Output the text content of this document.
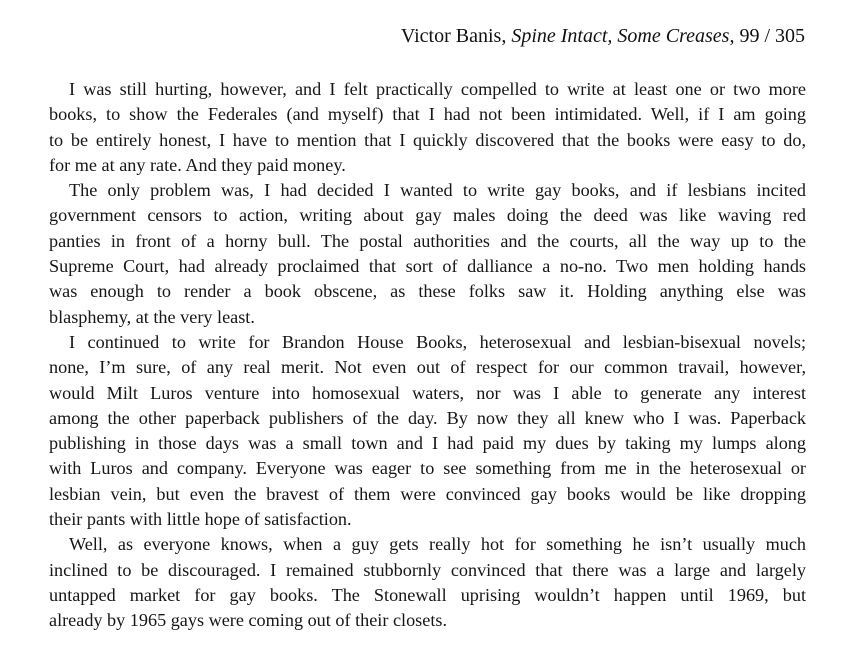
Victor Banis, Spine Intact, Some Creases, 99 / 305
I was still hurting, however, and I felt practically compelled to write at least one or two more
books, to show the Federales (and myself) that I had not been intimidated. Well, if I am going
to be entirely honest, I have to mention that I quickly discovered that the books were easy to do,
for me at any rate. And they paid money.
The only problem was, I had decided I wanted to write gay books, and if lesbians incited
government censors to action, writing about gay males doing the deed was like waving red
panties in front of a horny bull. The postal authorities and the courts, all the way up to the
Supreme Court, had already proclaimed that sort of dalliance a no-no. Two men holding hands
was enough to render a book obscene, as these folks saw it. Holding anything else was
blasphemy, at the very least.
I continued to write for Brandon House Books, heterosexual and lesbian-bisexual novels;
none, I’m sure, of any real merit. Not even out of respect for our common travail, however,
would Milt Luros venture into homosexual waters, nor was I able to generate any interest
among the other paperback publishers of the day. By now they all knew who I was. Paperback
publishing in those days was a small town and I had paid my dues by taking my lumps along
with Luros and company. Everyone was eager to see something from me in the heterosexual or
lesbian vein, but even the bravest of them were convinced gay books would be like dropping
their pants with little hope of satisfaction.
Well, as everyone knows, when a guy gets really hot for something he isn’t usually much
inclined to be discouraged. I remained stubbornly convinced that there was a large and largely
untapped market for gay books. The Stonewall uprising wouldn’t happen until 1969, but
already by 1965 gays were coming out of their closets.
